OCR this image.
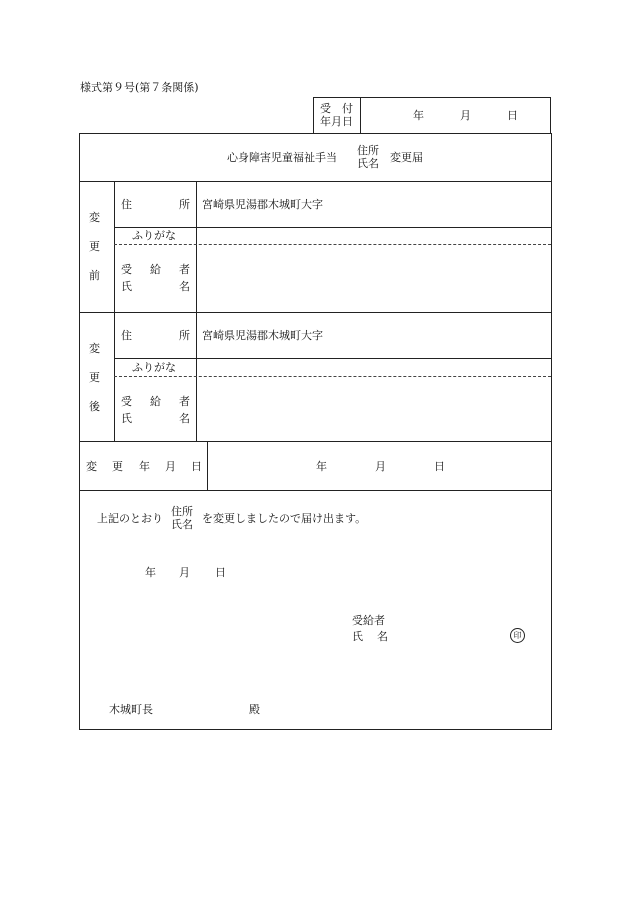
様式第９号(第７条関係)
受　付
年月日	年	月	日
心身障害児童福祉手当
住所
氏名	変更届
変
更
前
住	所 宮崎県児湯郡木城町大字
ふりがな
受 給 者
氏	名
変
更
後
住	所 宮崎県児湯郡木城町大字
ふりがな
受 給 者
氏	名
変 更 年 月 日	年	月	日
上記のとおり
住所
氏名 を変更しましたので届け出ます。
年 月 日
受給者
氏 名	印
木城町長	殿
